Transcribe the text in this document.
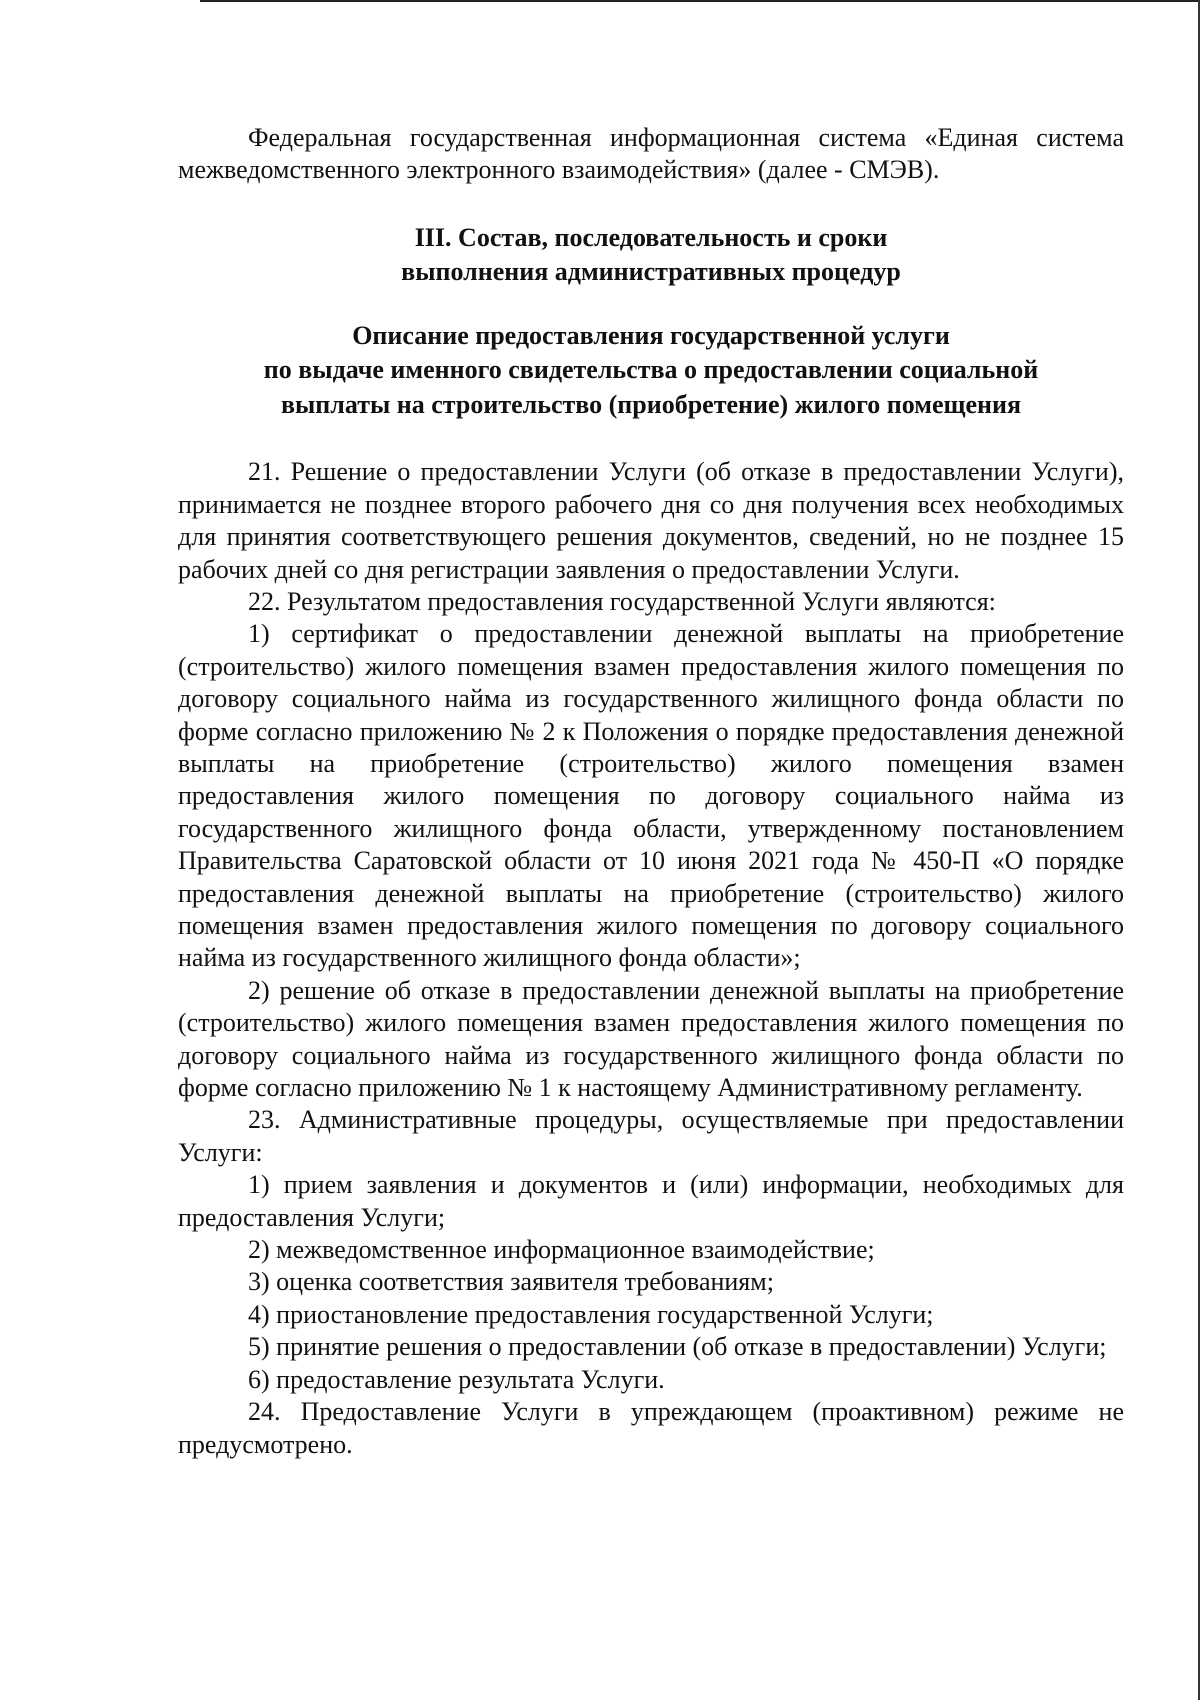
Федеральная государственная информационная система «Единая система межведомственного электронного взаимодействия» (далее - СМЭВ).

III. Состав, последовательность и сроки

выполнения административных процедур

Описание предоставления государственной услуги

по выдаче именного свидетельства о предоставлении социальной

выплаты на строительство (приобретение) жилого помещения

21. Решение о предоставлении Услуги (об отказе в предоставлении Услуги), принимается не позднее второго рабочего дня со дня получения всех необходимых для принятия соответствующего решения документов, сведений, но не позднее 15 рабочих дней со дня регистрации заявления о предоставлении Услуги.

22. Результатом предоставления государственной Услуги являются:

1) сертификат о предоставлении денежной выплаты на приобретение (строительство) жилого помещения взамен предоставления жилого помещения по договору социального найма из государственного жилищного фонда области по форме согласно приложению № 2 к Положения о порядке предоставления денежной выплаты на приобретение (строительство) жилого помещения взамен предоставления жилого помещения по договору социального найма из государственного жилищного фонда области, утвержденному постановлением Правительства Саратовской области от 10 июня 2021 года № 450-П «О порядке предоставления денежной выплаты на приобретение (строительство) жилого помещения взамен предоставления жилого помещения по договору социального найма из государственного жилищного фонда области»;

2) решение об отказе в предоставлении денежной выплаты на приобретение (строительство) жилого помещения взамен предоставления жилого помещения по договору социального найма из государственного жилищного фонда области по форме согласно приложению № 1 к настоящему Административному регламенту.

23. Административные процедуры, осуществляемые при предоставлении Услуги:

1) прием заявления и документов и (или) информации, необходимых для предоставления Услуги;

2) межведомственное информационное взаимодействие;

3) оценка соответствия заявителя требованиям;

4) приостановление предоставления государственной Услуги;

5) принятие решения о предоставлении (об отказе в предоставлении) Услуги;

6) предоставление результата Услуги.

24. Предоставление Услуги в упреждающем (проактивном) режиме не предусмотрено.
